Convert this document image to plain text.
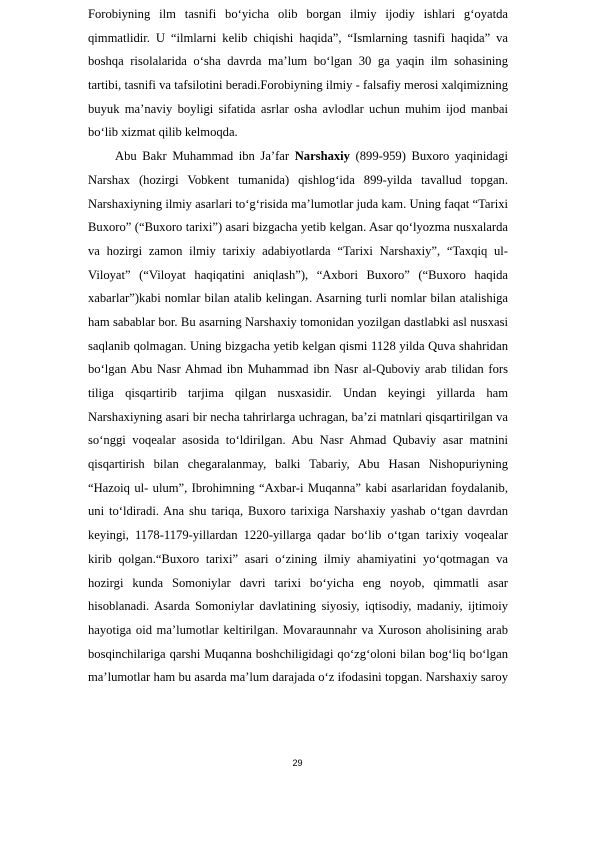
Forobiyning ilm tasnifi bo‘yicha olib borgan ilmiy ijodiy ishlari g‘oyatda
qimmatlidir. U “ilmlarni kelib chiqishi haqida”, “Ismlarning tasnifi haqida” va
boshqa risolalarida o‘sha davrda ma’lum bo‘lgan 30 ga yaqin ilm sohasining
tartibi, tasnifi va tafsilotini beradi.Forobiyning ilmiy - falsafiy merosi xalqimizning
buyuk ma’naviy boyligi sifatida asrlar osha avlodlar uchun muhim ijod manbai
bo‘lib xizmat qilib kelmoqda.
Abu Bakr Muhammad ibn Ja’far Narshaxiy (899-959) Buxoro yaqinidagi
Narshax (hozirgi Vobkent tumanida) qishlog‘ida 899-yilda tavallud topgan.
Narshaxiyning ilmiy asarlari to‘g‘risida ma’lumotlar juda kam. Uning faqat “Tarixi
Buxoro” (“Buxoro tarixi”) asari bizgacha yetib kelgan. Asar qo‘lyozma nusxalarda
va hozirgi zamon ilmiy tarixiy adabiyotlarda “Tarixi Narshaxiy”, “Taxqiq ul-
Viloyat” (“Viloyat haqiqatini aniqlash”), “Axbori Buxoro” (“Buxoro haqida
xabarlar”)kabi nomlar bilan atalib kelingan. Asarning turli nomlar bilan atalishiga
ham sabablar bor. Bu asarning Narshaxiy tomonidan yozilgan dastlabki asl nusxasi
saqlanib qolmagan. Uning bizgacha yetib kelgan qismi 1128 yilda Quva shahridan
bo‘lgan Abu Nasr Ahmad ibn Muhammad ibn Nasr al-Quboviy arab tilidan fors
tiliga qisqartirib tarjima qilgan nusxasidir. Undan keyingi yillarda ham
Narshaxiyning asari bir necha tahrirlarga uchragan, ba’zi matnlari qisqartirilgan va
so‘nggi voqealar asosida to‘ldirilgan. Abu Nasr Ahmad Qubaviy asar matnini
qisqartirish bilan chegaralanmay, balki Tabariy, Abu Hasan Nishopuriyning
“Hazoiq ul- ulum”, Ibrohimning “Axbar-i Muqanna” kabi asarlaridan foydalanib,
uni to‘ldiradi. Ana shu tariqa, Buxoro tarixiga Narshaxiy yashab o‘tgan davrdan
keyingi, 1178-1179-yillardan 1220-yillarga qadar bo‘lib o‘tgan tarixiy voqealar
kirib qolgan.“Buxoro tarixi” asari o‘zining ilmiy ahamiyatini yo‘qotmagan va
hozirgi kunda Somoniylar davri tarixi bo‘yicha eng noyob, qimmatli asar
hisoblanadi. Asarda Somoniylar davlatining siyosiy, iqtisodiy, madaniy, ijtimoiy
hayotiga oid ma’lumotlar keltirilgan. Movaraunnahr va Xuroson aholisining arab
bosqinchilariga qarshi Muqanna boshchiligidagi qo‘zg‘oloni bilan bog‘liq bo‘lgan
ma’lumotlar ham bu asarda ma’lum darajada o‘z ifodasini topgan. Narshaxiy saroy
29
